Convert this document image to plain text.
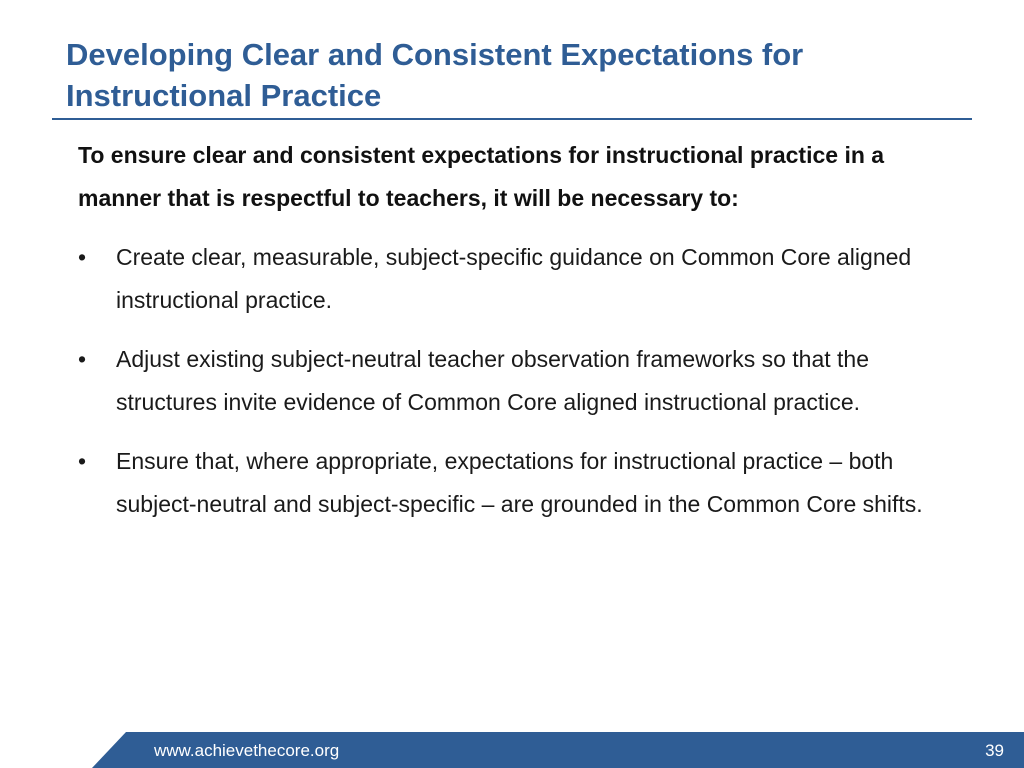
Developing Clear and Consistent Expectations for Instructional Practice

To ensure clear and consistent expectations for instructional practice in a manner that is respectful to teachers, it will be necessary to:

•	Create clear, measurable, subject-specific guidance on Common Core aligned instructional practice.
•	Adjust existing subject-neutral teacher observation frameworks so that the structures invite evidence of Common Core aligned instructional practice.
•	Ensure that, where appropriate, expectations for instructional practice – both subject-neutral and subject-specific – are grounded in the Common Core shifts.
www.achievethecore.org	39
